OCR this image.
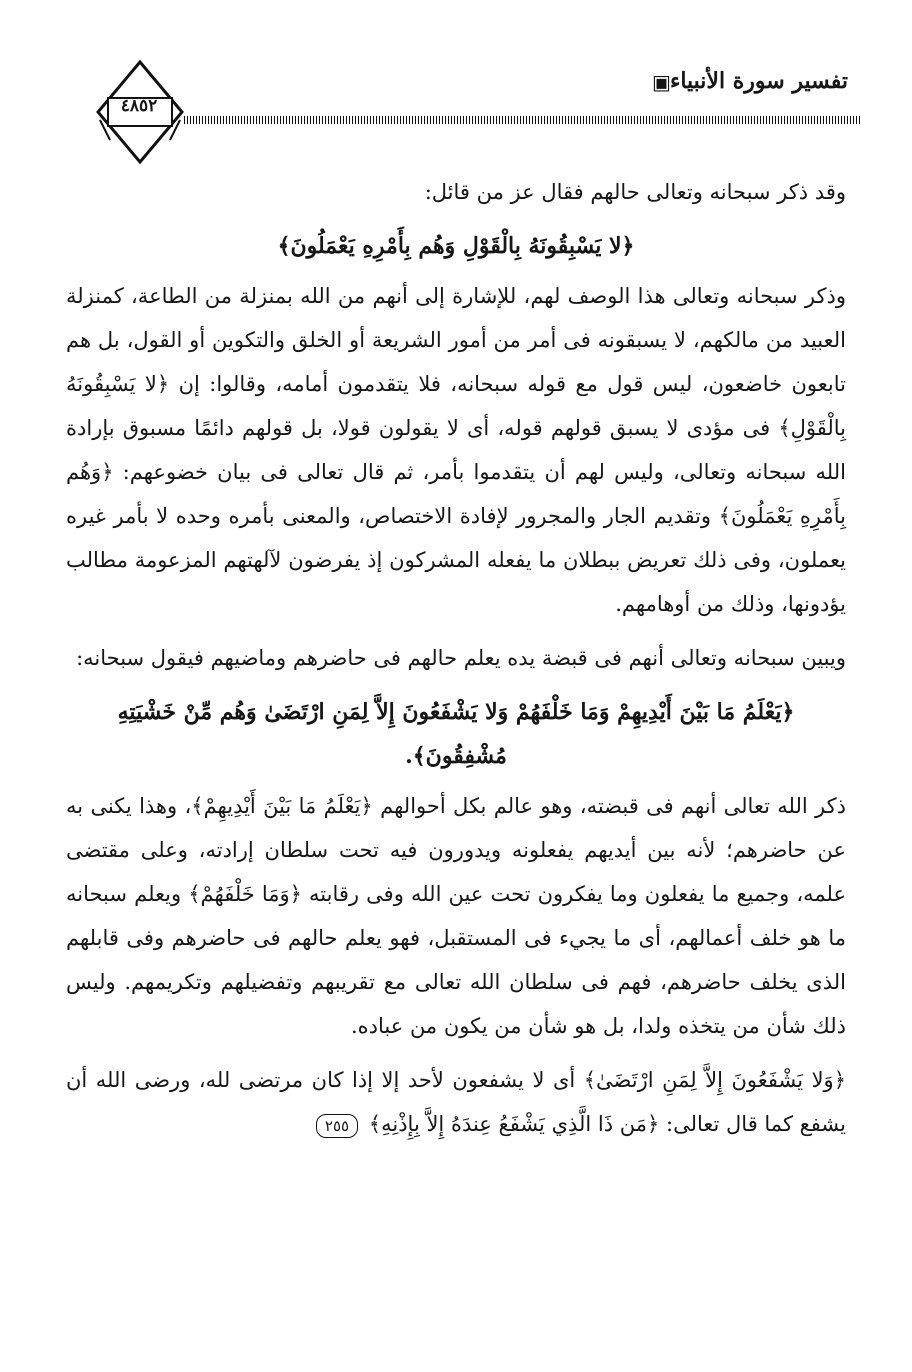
تفسير سورة الأنبياء
▣
٤٨٥٢

وقد ذكر سبحانه وتعالى حالهم فقال عز من قائل:

﴿لا يَسْبِقُونَهُ بِالْقَوْلِ وَهُم بِأَمْرِهِ يَعْمَلُونَ﴾

وذكر سبحانه وتعالى هذا الوصف لهم، للإشارة إلى أنهم من الله بمنزلة من الطاعة، كمنزلة العبيد من مالكهم، لا يسبقونه فى أمر من أمور الشريعة أو الخلق والتكوين أو القول، بل هم تابعون خاضعون، ليس قول مع قوله سبحانه، فلا يتقدمون أمامه، وقالوا: إن ﴿لا يَسْبِقُونَهُ بِالْقَوْلِ﴾ فى مؤدى لا يسبق قولهم قوله، أى لا يقولون قولا، بل قولهم دائمًا مسبوق بإرادة الله سبحانه وتعالى، وليس لهم أن يتقدموا بأمر، ثم قال تعالى فى بيان خضوعهم: ﴿وَهُم بِأَمْرِهِ يَعْمَلُونَ﴾ وتقديم الجار والمجرور لإفادة الاختصاص، والمعنى بأمره وحده لا بأمر غيره يعملون، وفى ذلك تعريض ببطلان ما يفعله المشركون إذ يفرضون لآلهتهم المزعومة مطالب يؤدونها، وذلك من أوهامهم.

ويبين سبحانه وتعالى أنهم فى قبضة يده يعلم حالهم فى حاضرهم وماضيهم فيقول سبحانه:

﴿يَعْلَمُ مَا بَيْنَ أَيْدِيهِمْ وَمَا خَلْفَهُمْ وَلا يَشْفَعُونَ إِلاَّ لِمَنِ ارْتَضَىٰ وَهُم مِّنْ خَشْيَتِهِ مُشْفِقُونَ﴾.

ذكر الله تعالى أنهم فى قبضته، وهو عالم بكل أحوالهم ﴿يَعْلَمُ مَا بَيْنَ أَيْدِيهِمْ﴾، وهذا يكنى به عن حاضرهم؛ لأنه بين أيديهم يفعلونه ويدورون فيه تحت سلطان إرادته، وعلى مقتضى علمه، وجميع ما يفعلون وما يفكرون تحت عين الله وفى رقابته ﴿وَمَا خَلْفَهُمْ﴾ ويعلم سبحانه ما هو خلف أعمالهم، أى ما يجيء فى المستقبل، فهو يعلم حالهم فى حاضرهم وفى قابلهم الذى يخلف حاضرهم، فهم فى سلطان الله تعالى مع تقريبهم وتفضيلهم وتكريمهم. وليس ذلك شأن من يتخذه ولدا، بل هو شأن من يكون من عباده.

﴿وَلا يَشْفَعُونَ إِلاَّ لِمَنِ ارْتَضَىٰ﴾ أى لا يشفعون لأحد إلا إذا كان مرتضى لله، ورضى الله أن يشفع كما قال تعالى: ﴿مَن ذَا الَّذِي يَشْفَعُ عِندَهُ إِلاَّ بِإِذْنِهِ﴾ ٢٥٥
